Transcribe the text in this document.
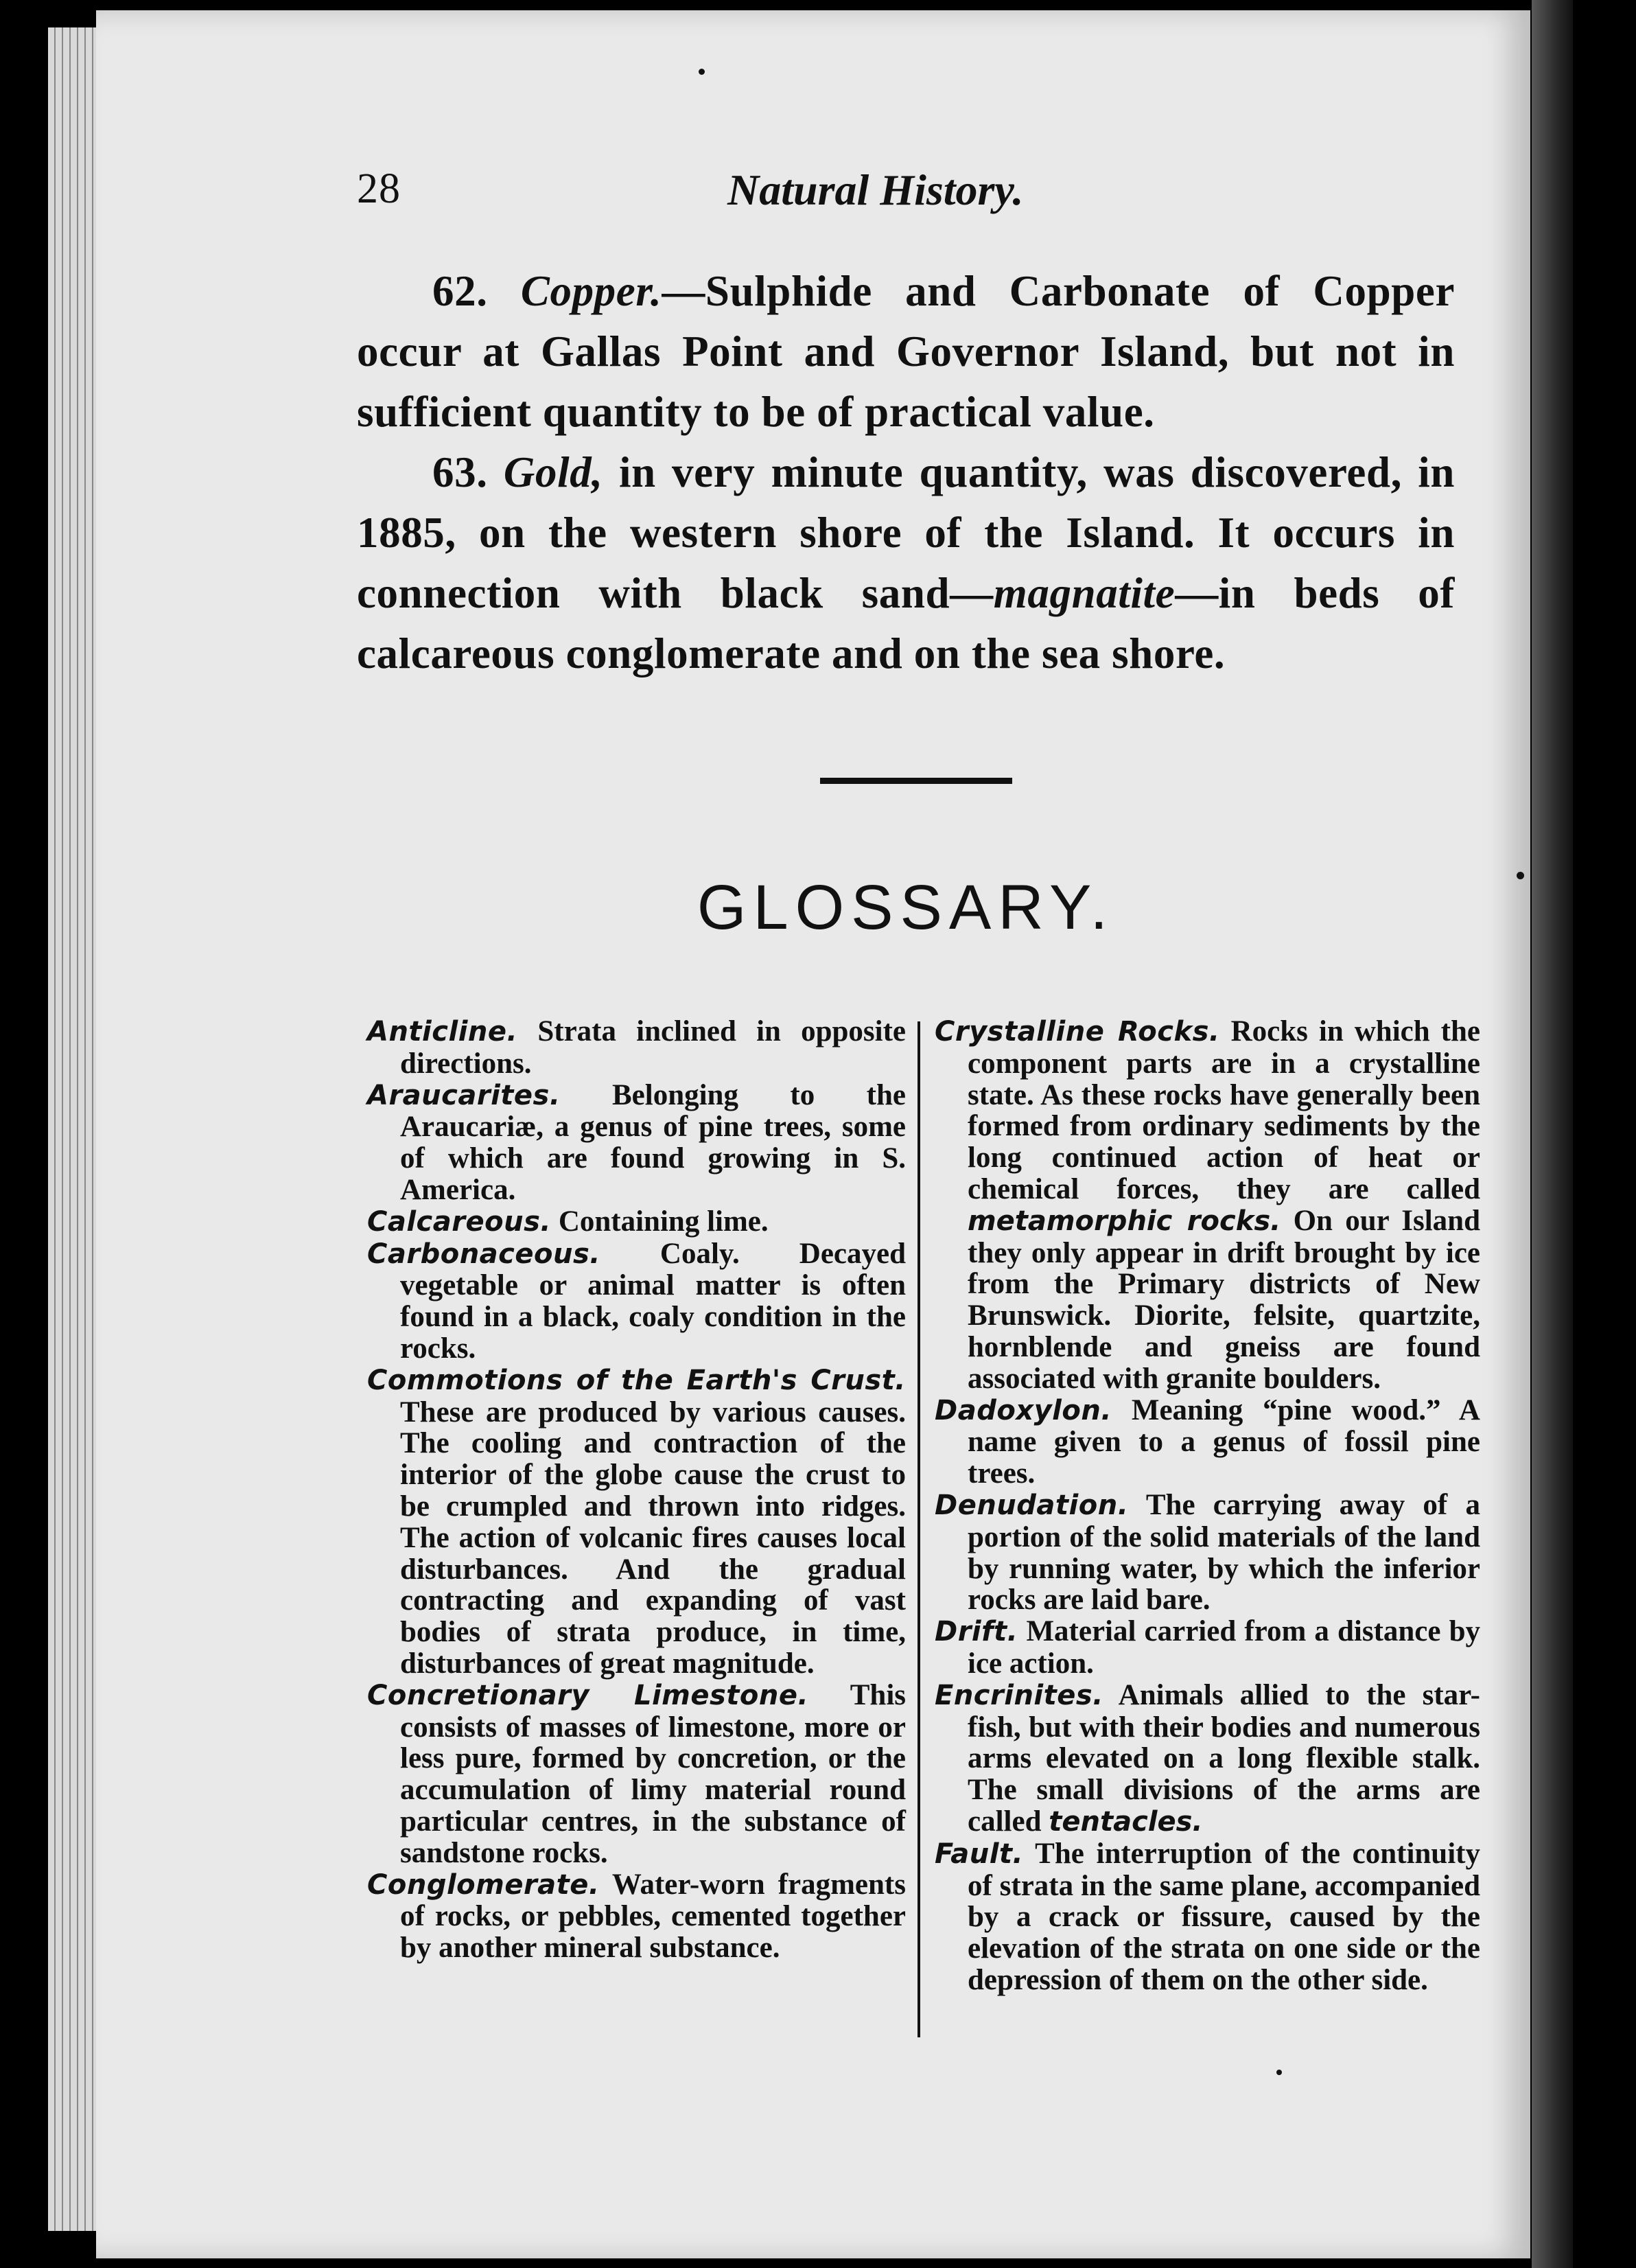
28	Natural History.

62. Copper.—Sulphide and Carbonate of Copper occur at Gallas Point and Governor Island, but not in sufficient quantity to be of practical value.

63. Gold, in very minute quantity, was discovered, in 1885, on the western shore of the Island. It occurs in connection with black sand—magnatite—in beds of calcareous conglomerate and on the sea shore.

GLOSSARY.

Anticline. Strata inclined in opposite directions.

Araucarites. Belonging to the Araucariæ, a genus of pine trees, some of which are found growing in S. America.

Calcareous. Containing lime.

Carbonaceous. Coaly. Decayed vegetable or animal matter is often found in a black, coaly condition in the rocks.

Commotions of the Earth's Crust. These are produced by various causes. The cooling and contraction of the interior of the globe cause the crust to be crumpled and thrown into ridges. The action of volcanic fires causes local disturbances. And the gradual contracting and expanding of vast bodies of strata produce, in time, disturbances of great magnitude.

Concretionary Limestone. This consists of masses of limestone, more or less pure, formed by concretion, or the accumulation of limy material round particular centres, in the substance of sandstone rocks.

Conglomerate. Water-worn fragments of rocks, or pebbles, cemented together by another mineral substance.

Crystalline Rocks. Rocks in which the component parts are in a crystalline state. As these rocks have generally been formed from ordinary sediments by the long continued action of heat or chemical forces, they are called metamorphic rocks. On our Island they only appear in drift brought by ice from the Primary districts of New Brunswick. Diorite, felsite, quartzite, hornblende and gneiss are found associated with granite boulders.

Dadoxylon. Meaning “pine wood.” A name given to a genus of fossil pine trees.

Denudation. The carrying away of a portion of the solid materials of the land by running water, by which the inferior rocks are laid bare.

Drift. Material carried from a distance by ice action.

Encrinites. Animals allied to the star-fish, but with their bodies and numerous arms elevated on a long flexible stalk. The small divisions of the arms are called tentacles.

Fault. The interruption of the continuity of strata in the same plane, accompanied by a crack or fissure, caused by the elevation of the strata on one side or the depression of them on the other side.
